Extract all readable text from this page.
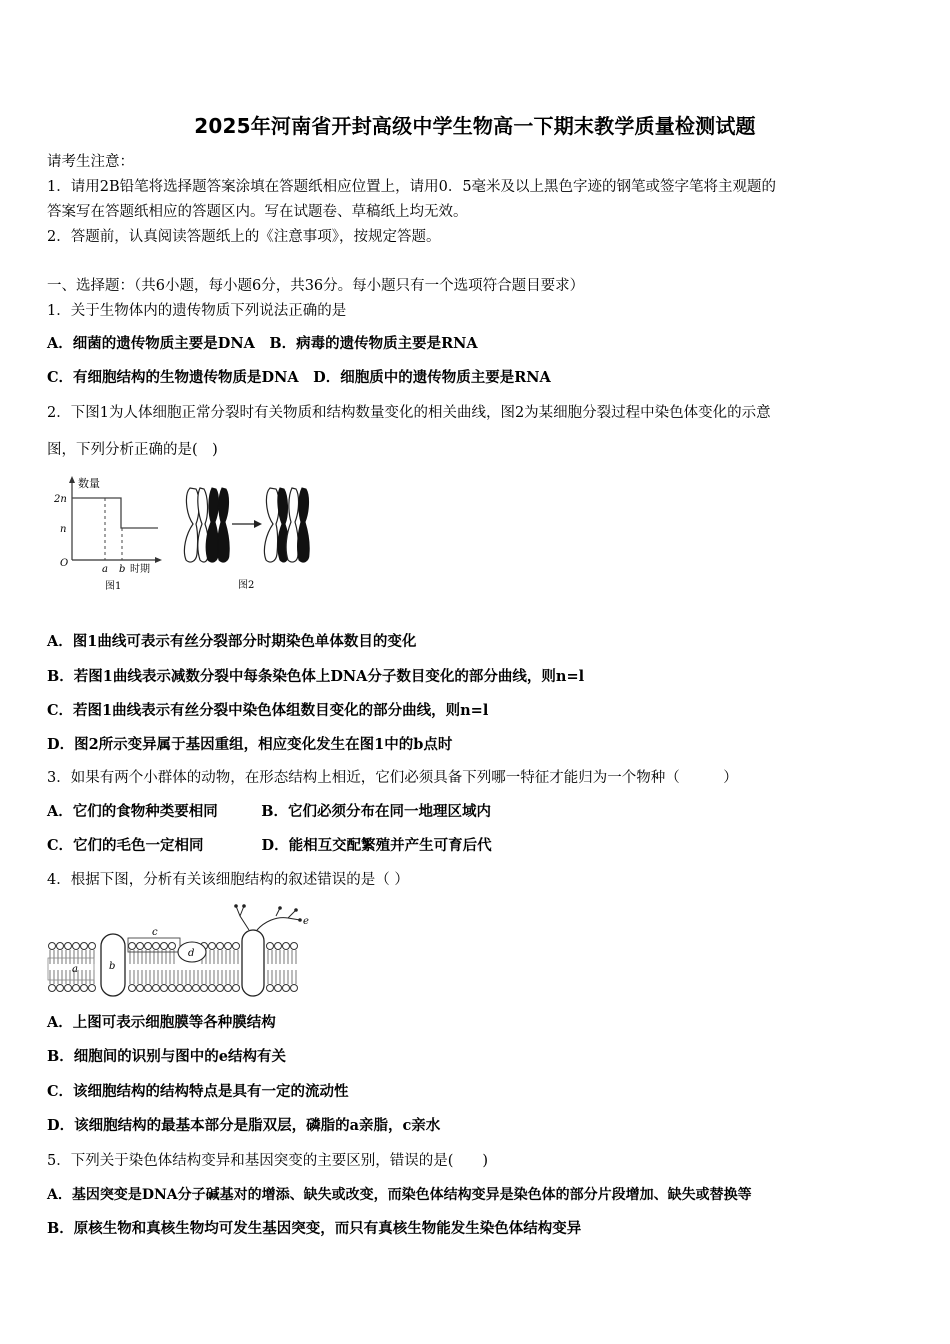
2025年河南省开封高级中学生物高一下期末教学质量检测试题
请考生注意：
1．请用2B铅笔将选择题答案涂填在答题纸相应位置上，请用0．5毫米及以上黑色字迹的钢笔或签字笔将主观题的
答案写在答题纸相应的答题区内。写在试题卷、草稿纸上均无效。
2．答题前，认真阅读答题纸上的《注意事项》，按规定答题。
一、选择题：（共6小题，每小题6分，共36分。每小题只有一个选项符合题目要求）
1．关于生物体内的遗传物质下列说法正确的是
A．细菌的遗传物质主要是DNA　B．病毒的遗传物质主要是RNA
C．有细胞结构的生物遗传物质是DNA　D．细胞质中的遗传物质主要是RNA
2．下图1为人体细胞正常分裂时有关物质和结构数量变化的相关曲线，图2为某细胞分裂过程中染色体变化的示意
图，下列分析正确的是(　)
数量
2n
n
O
a b 时期
图1	图2
A．图1曲线可表示有丝分裂部分时期染色单体数目的变化
B．若图1曲线表示减数分裂中每条染色体上DNA分子数目变化的部分曲线，则n=l
C．若图1曲线表示有丝分裂中染色体组数目变化的部分曲线，则n=l
D．图2所示变异属于基因重组，相应变化发生在图1中的b点时
3．如果有两个小群体的动物，在形态结构上相近，它们必须具备下列哪一特征才能归为一个物种（　　　）
A．它们的食物种类要相同　　　B．它们必须分布在同一地理区域内
C．它们的毛色一定相同　　　　D．能相互交配繁殖并产生可育后代
4．根据下图，分析有关该细胞结构的叙述错误的是（ ）
a	b
c
d
e
A．上图可表示细胞膜等各种膜结构
B．细胞间的识别与图中的e结构有关
C．该细胞结构的结构特点是具有一定的流动性
D．该细胞结构的最基本部分是脂双层，磷脂的a亲脂，c亲水
5．下列关于染色体结构变异和基因突变的主要区别，错误的是(　　)
A．基因突变是DNA分子碱基对的增添、缺失或改变，而染色体结构变异是染色体的部分片段增加、缺失或替换等
B．原核生物和真核生物均可发生基因突变，而只有真核生物能发生染色体结构变异
